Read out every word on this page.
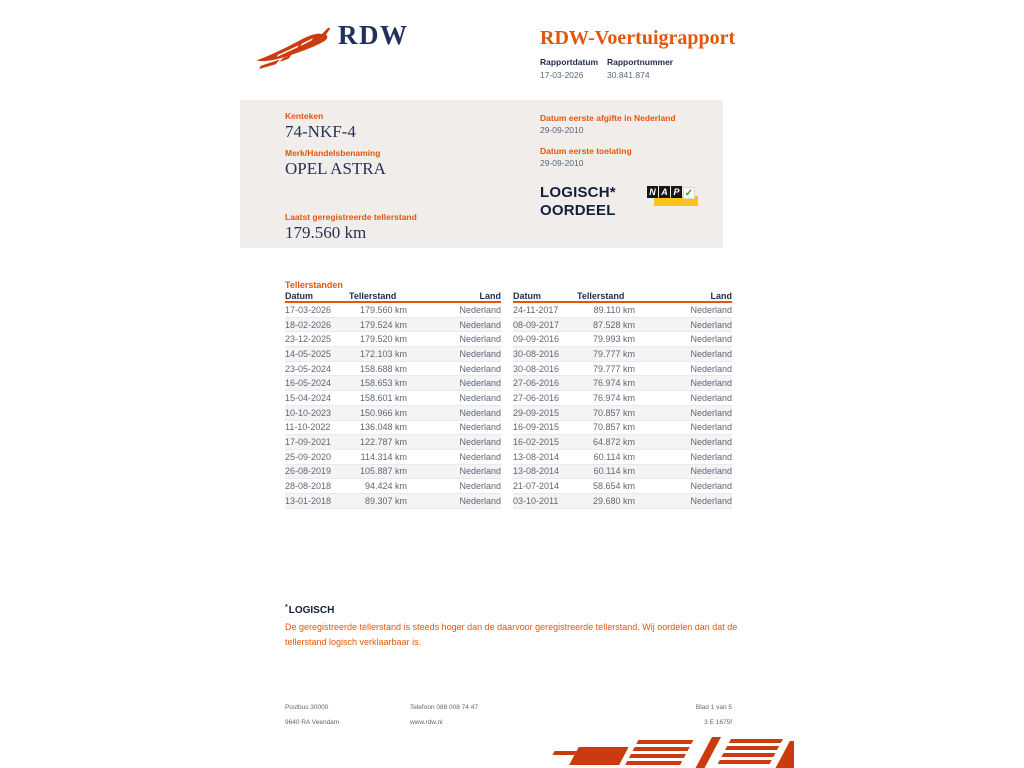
RDW	RDW-Voertuigrapport
Rapportdatum Rapportnummer
17-03-2026	30.841.874
Kenteken
74-NKF-4
Merk/Handelsbenaming
OPEL ASTRA
Laatst geregistreerde tellerstand
179.560 km
Datum eerste afgifte in Nederland
29-09-2010
Datum eerste toelating
29-09-2010
LOGISCH*
OORDEEL
N A P ✓
Tellerstanden
Datum	Tellerstand	Land
17-03-2026	179.560 km	Nederland
18-02-2026	179.524 km	Nederland
23-12-2025	179.520 km	Nederland
14-05-2025	172.103 km	Nederland
23-05-2024	158.688 km	Nederland
16-05-2024	158.653 km	Nederland
15-04-2024	158.601 km	Nederland
10-10-2023	150.966 km	Nederland
11-10-2022	136.048 km	Nederland
17-09-2021	122.787 km	Nederland
25-09-2020	114.314 km	Nederland
26-08-2019	105.887 km	Nederland
28-08-2018	94.424 km	Nederland
13-01-2018	89.307 km	Nederland
Datum	Tellerstand	Land
24-11-2017	89.110 km	Nederland
08-09-2017	87.528 km	Nederland
09-09-2016	79.993 km	Nederland
30-08-2016	79.777 km	Nederland
30-08-2016	79.777 km	Nederland
27-06-2016	76.974 km	Nederland
27-06-2016	76.974 km	Nederland
29-09-2015	70.857 km	Nederland
16-09-2015	70.857 km	Nederland
16-02-2015	64.872 km	Nederland
13-08-2014	60.114 km	Nederland
13-08-2014	60.114 km	Nederland
21-07-2014	58.654 km	Nederland
03-10-2011	29.680 km	Nederland
*LOGISCH
De geregistreerde tellerstand is steeds hoger dan de daarvoor geregistreerde tellerstand. Wij oordelen dan dat de tellerstand logisch verklaarbaar is.
Postbus 30000
9640 RA Veendam
Telefoon 088 008 74 47
www.rdw.nl
Blad 1 van 5
3 E 1675f
